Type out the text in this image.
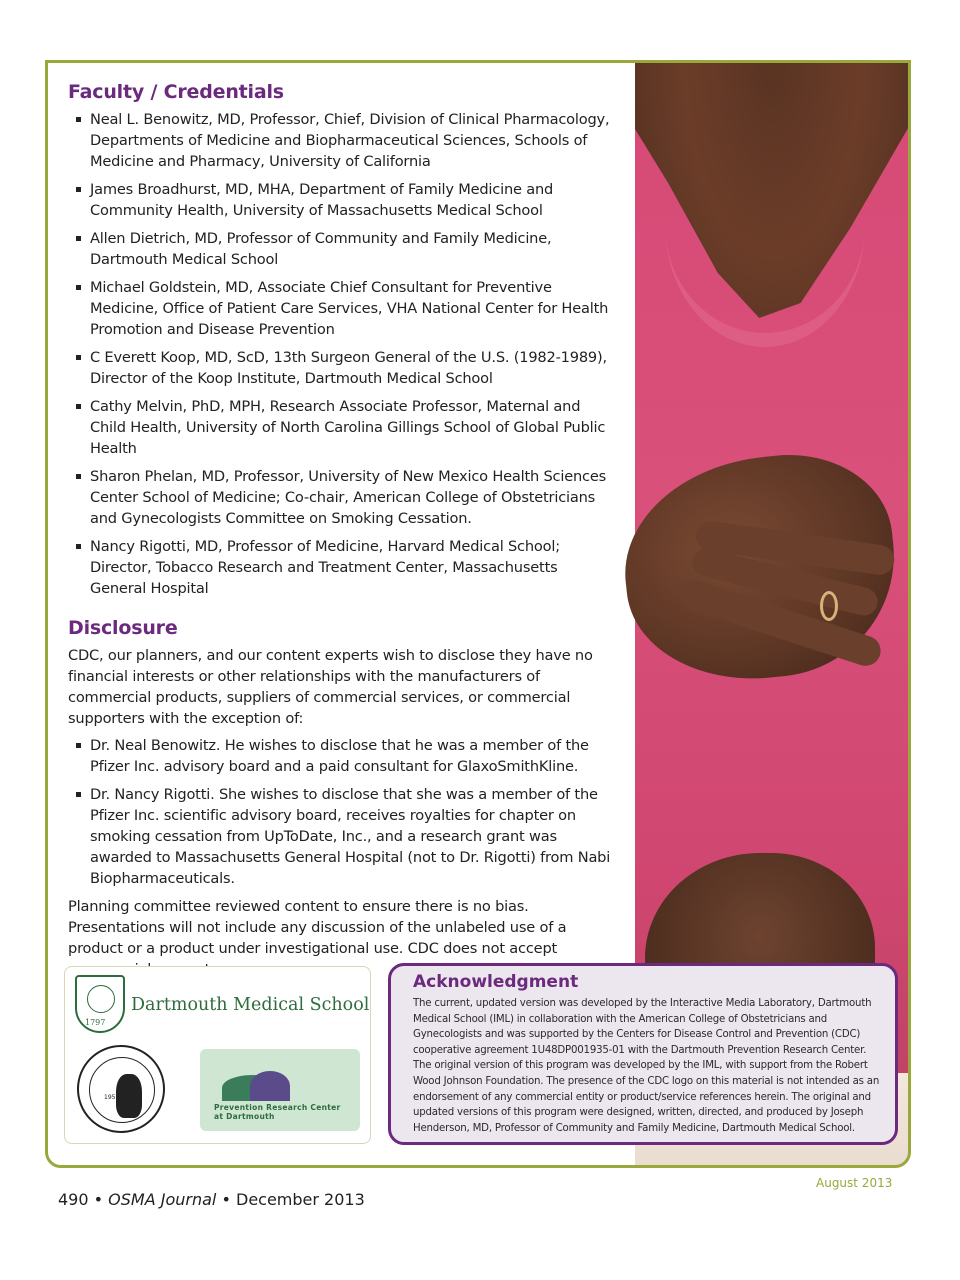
Faculty / Credentials
Neal L. Benowitz, MD, Professor, Chief, Division of Clinical Pharmacology, Departments of Medicine and Biopharmaceutical Sciences, Schools of Medicine and Pharmacy, University of California
James Broadhurst, MD, MHA, Department of Family Medicine and Community Health, University of Massachusetts Medical School
Allen Dietrich, MD, Professor of Community and Family Medicine, Dartmouth Medical School
Michael Goldstein, MD, Associate Chief Consultant for Preventive Medicine, Office of Patient Care Services, VHA National Center for Health Promotion and Disease Prevention
C Everett Koop, MD, ScD, 13th Surgeon General of the U.S. (1982-1989), Director of the Koop Institute, Dartmouth Medical School
Cathy Melvin, PhD, MPH, Research Associate Professor, Maternal and Child Health, University of North Carolina Gillings School of Global Public Health
Sharon Phelan, MD, Professor, University of New Mexico Health Sciences Center School of Medicine; Co-chair, American College of Obstetricians and Gynecologists Committee on Smoking Cessation.
Nancy Rigotti, MD, Professor of Medicine, Harvard Medical School; Director, Tobacco Research and Treatment Center, Massachusetts General Hospital
Disclosure

CDC, our planners, and our content experts wish to disclose they have no financial interests or other relationships with the manufacturers of commercial products, suppliers of commercial services, or commercial supporters with the exception of:

Dr. Neal Benowitz. He wishes to disclose that he was a member of the Pfizer Inc. advisory board and a paid consultant for GlaxoSmithKline.
Dr. Nancy Rigotti. She wishes to disclose that she was a member of the Pfizer Inc. scientific advisory board, receives royalties for chapter on smoking cessation from UpToDate, Inc., and a research grant was awarded to Massachusetts General Hospital (not to Dr. Rigotti) from Nabi Biopharmaceuticals.

Planning committee reviewed content to ensure there is no bias. Presentations will not include any discussion of the unlabeled use of a product or a product under investigational use. CDC does not accept

1797
Dartmouth Medical School
1951
Prevention Research Center
at Dartmouth
Acknowledgment
The current, updated version was developed by the Interactive Media Laboratory, Dartmouth Medical School (IML) in collaboration with the American College of Obstetricians and Gynecologists and was supported by the Centers for Disease Control and Prevention (CDC) cooperative agreement 1U48DP001935-01 with the Dartmouth Prevention Research Center. The original version of this program was developed by the IML, with support from the Robert Wood Johnson Foundation. The presence of the CDC logo on this material is not intended as an endorsement of any commercial entity or product/service references herein. The original and updated versions of this program were designed, written, directed, and produced by Joseph Henderson, MD, Professor of Community and Family Medicine, Dartmouth Medical School.
August 2013
490 • OSMA Journal • December 2013
